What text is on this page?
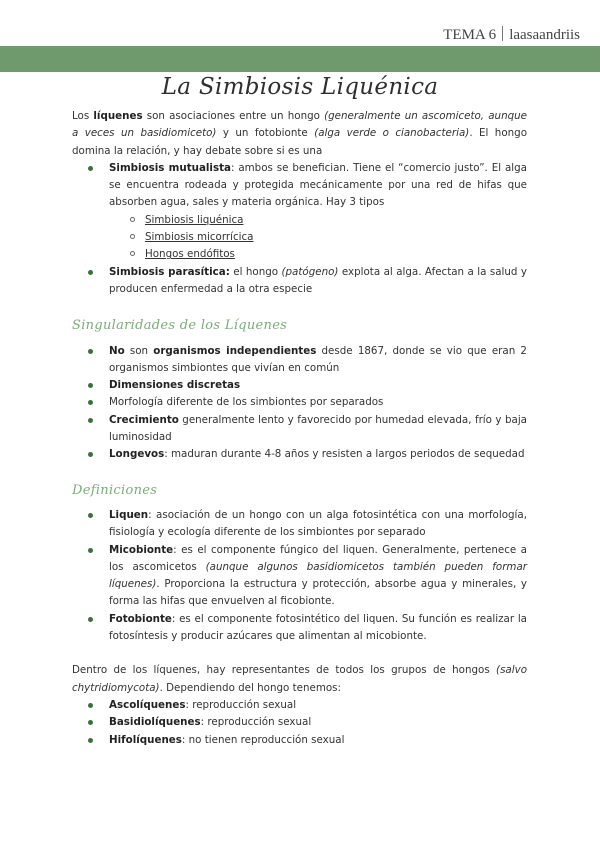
TEMA 6 laasaandriis
La Simbiosis Liquénica

Los líquenes son asociaciones entre un hongo (generalmente un ascomiceto, aunque a veces un basidiomiceto) y un fotobionte (alga verde o cianobacteria). El hongo domina la relación, y hay debate sobre si es una

Simbiosis mutualista: ambos se benefician. Tiene el “comercio justo”. El alga se encuentra rodeada y protegida mecánicamente por una red de hifas que absorben agua, sales y materia orgánica. Hay 3 tipos
Simbiosis liquénica
Simbiosis micorrícica
Hongos endófitos
Simbiosis parasítica: el hongo (patógeno) explota al alga. Afectan a la salud y producen enfermedad a la otra especie
Singularidades de los Líquenes
No son organismos independientes desde 1867, donde se vio que eran 2 organismos simbiontes que vivían en común
Dimensiones discretas
Morfología diferente de los simbiontes por separados
Crecimiento generalmente lento y favorecido por humedad elevada, frío y baja luminosidad
Longevos: maduran durante 4-8 años y resisten a largos periodos de sequedad
Definiciones
Liquen: asociación de un hongo con un alga fotosintética con una morfología, fisiología y ecología diferente de los simbiontes por separado
Micobionte: es el componente fúngico del liquen. Generalmente, pertenece a los ascomicetos (aunque algunos basidiomicetos también pueden formar líquenes). Proporciona la estructura y protección, absorbe agua y minerales, y forma las hifas que envuelven al ficobionte.
Fotobionte: es el componente fotosintético del liquen. Su función es realizar la fotosíntesis y producir azúcares que alimentan al micobionte.

Dentro de los líquenes, hay representantes de todos los grupos de hongos (salvo chytridiomycota). Dependiendo del hongo tenemos:

Ascolíquenes: reproducción sexual
Basidiolíquenes: reproducción sexual
Hifolíquenes: no tienen reproducción sexual
